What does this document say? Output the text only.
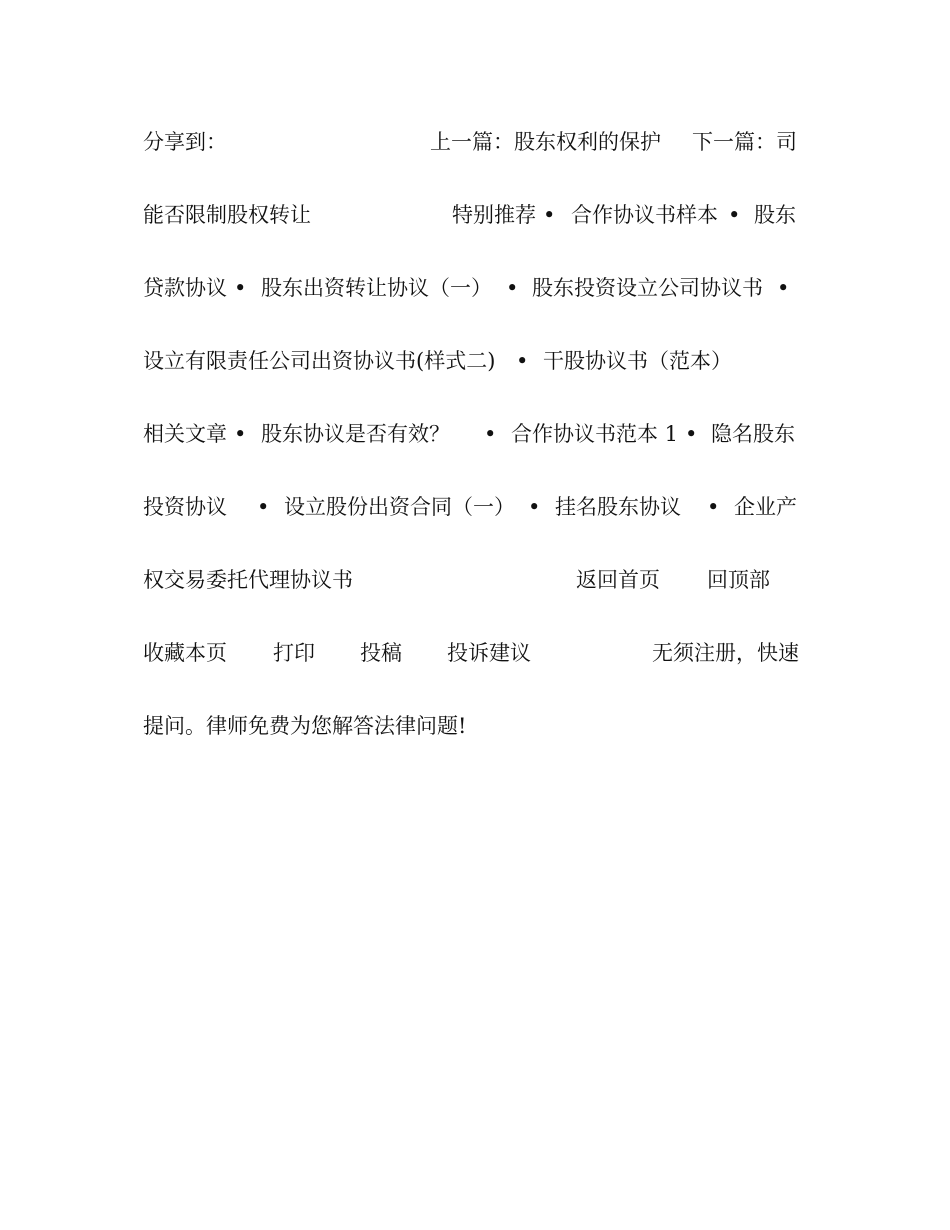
分享到：	上一篇：股东权利的保护 下一篇：司
能否限制股权转让	特别推荐 • 合作协议书样本 • 股东
贷款协议 • 股东出资转让协议（一） • 股东投资设立公司协议书 •
设立有限责任公司出资协议书(样式二) • 干股协议书（范本）
相关文章 • 股东协议是否有效？ • 合作协议书范本 1 • 隐名股东
投资协议 • 设立股份出资合同（一） • 挂名股东协议 • 企业产
权交易委托代理协议书	返回首页 回顶部
收藏本页 打印 投稿 投诉建议	无须注册，快速
提问。律师免费为您解答法律问题!
